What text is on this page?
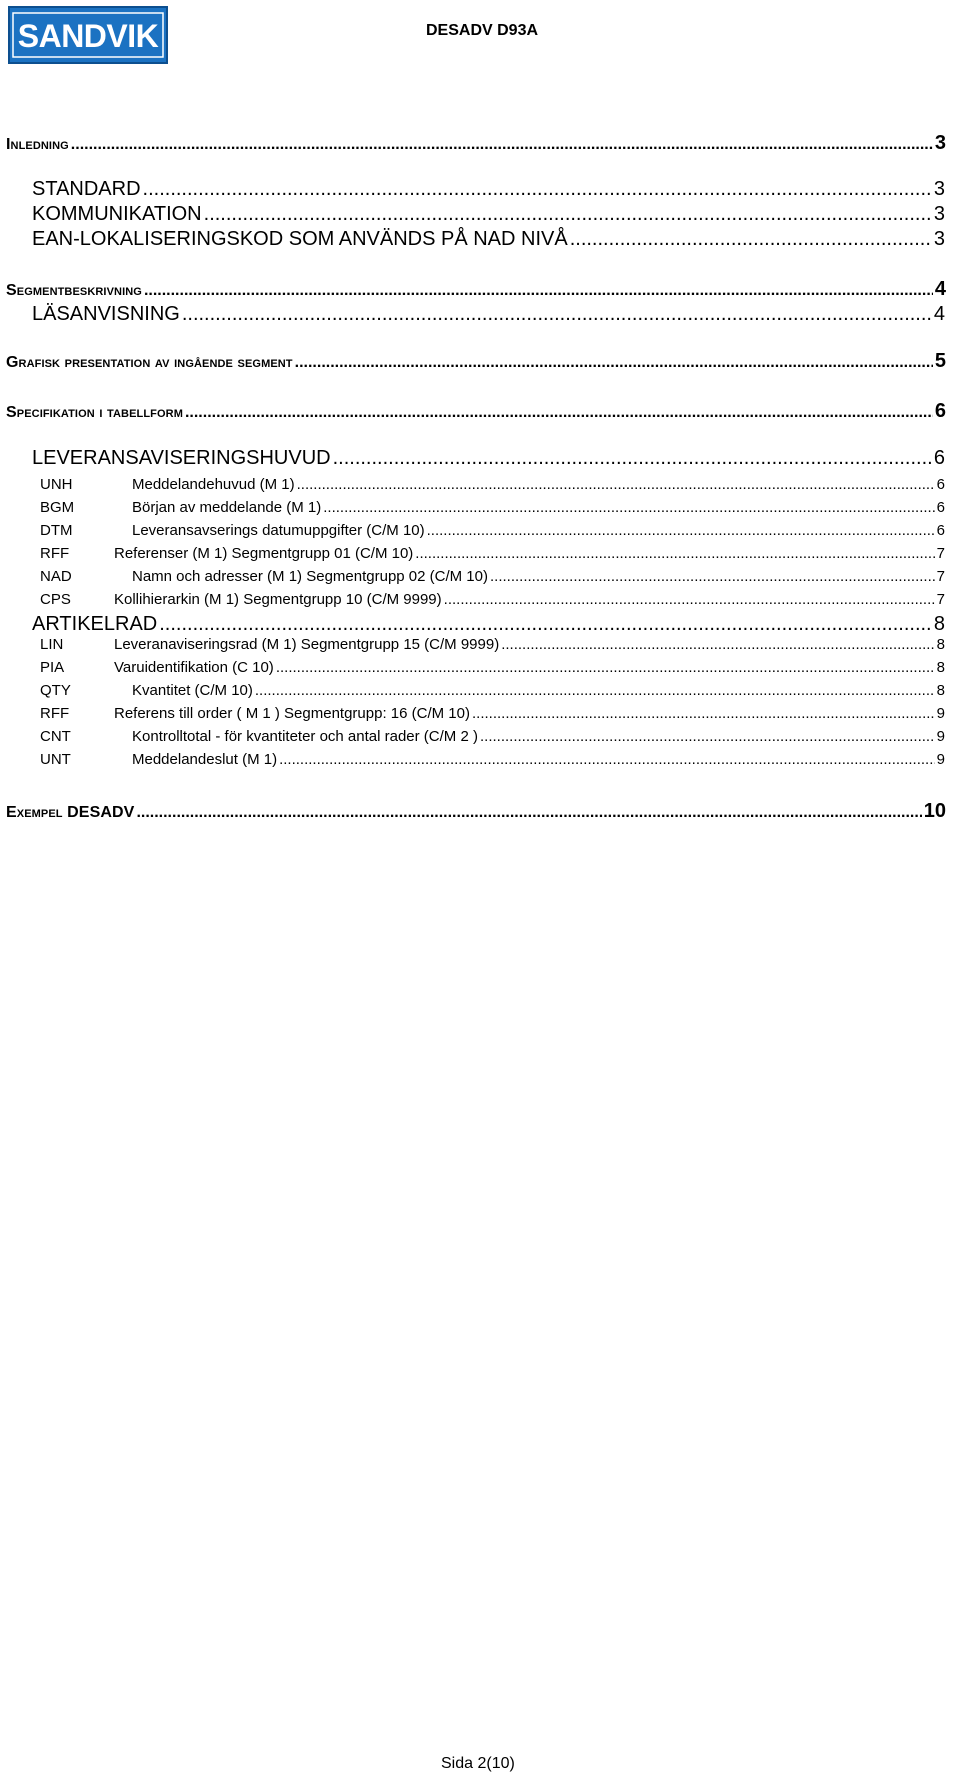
SANDVIK	DESADV D93A
Inledning .....	3
STANDARD .....	3
KOMMUNIKATION .....	3
EAN-LOKALISERINGSKOD SOM ANVÄNDS PÅ NAD NIVÅ .....	3
Segmentbeskrivning .....	4
LÄSANVISNING .....	4
Grafisk presentation av ingående segment .....	5
Specifikation i tabellform .....	6
LEVERANSAVISERINGSHUVUD .....	6
UNH	Meddelandehuvud (M 1) .....	6
BGM	Början av meddelande (M 1) .....	6
DTM	Leveransavserings datumuppgifter (C/M 10) .....	6
RFF	Referenser (M 1) Segmentgrupp 01 (C/M 10) .....	7
NAD	Namn och adresser (M 1) Segmentgrupp 02 (C/M 10) .....	7
CPS	Kollihierarkin (M 1) Segmentgrupp 10 (C/M 9999) .....	7
ARTIKELRAD .....	8
LIN	Leveranaviseringsrad (M 1) Segmentgrupp 15 (C/M 9999) .....	8
PIA	Varuidentifikation (C 10) .....	8
QTY	Kvantitet (C/M 10) .....	8
RFF	Referens till order ( M 1 ) Segmentgrupp: 16 (C/M 10) .....	9
CNT	Kontrolltotal - för kvantiteter och antal rader (C/M 2 ) .....	9
UNT	Meddelandeslut (M 1) .....	9
Exempel DESADV .....	10
Sida 2(10)
